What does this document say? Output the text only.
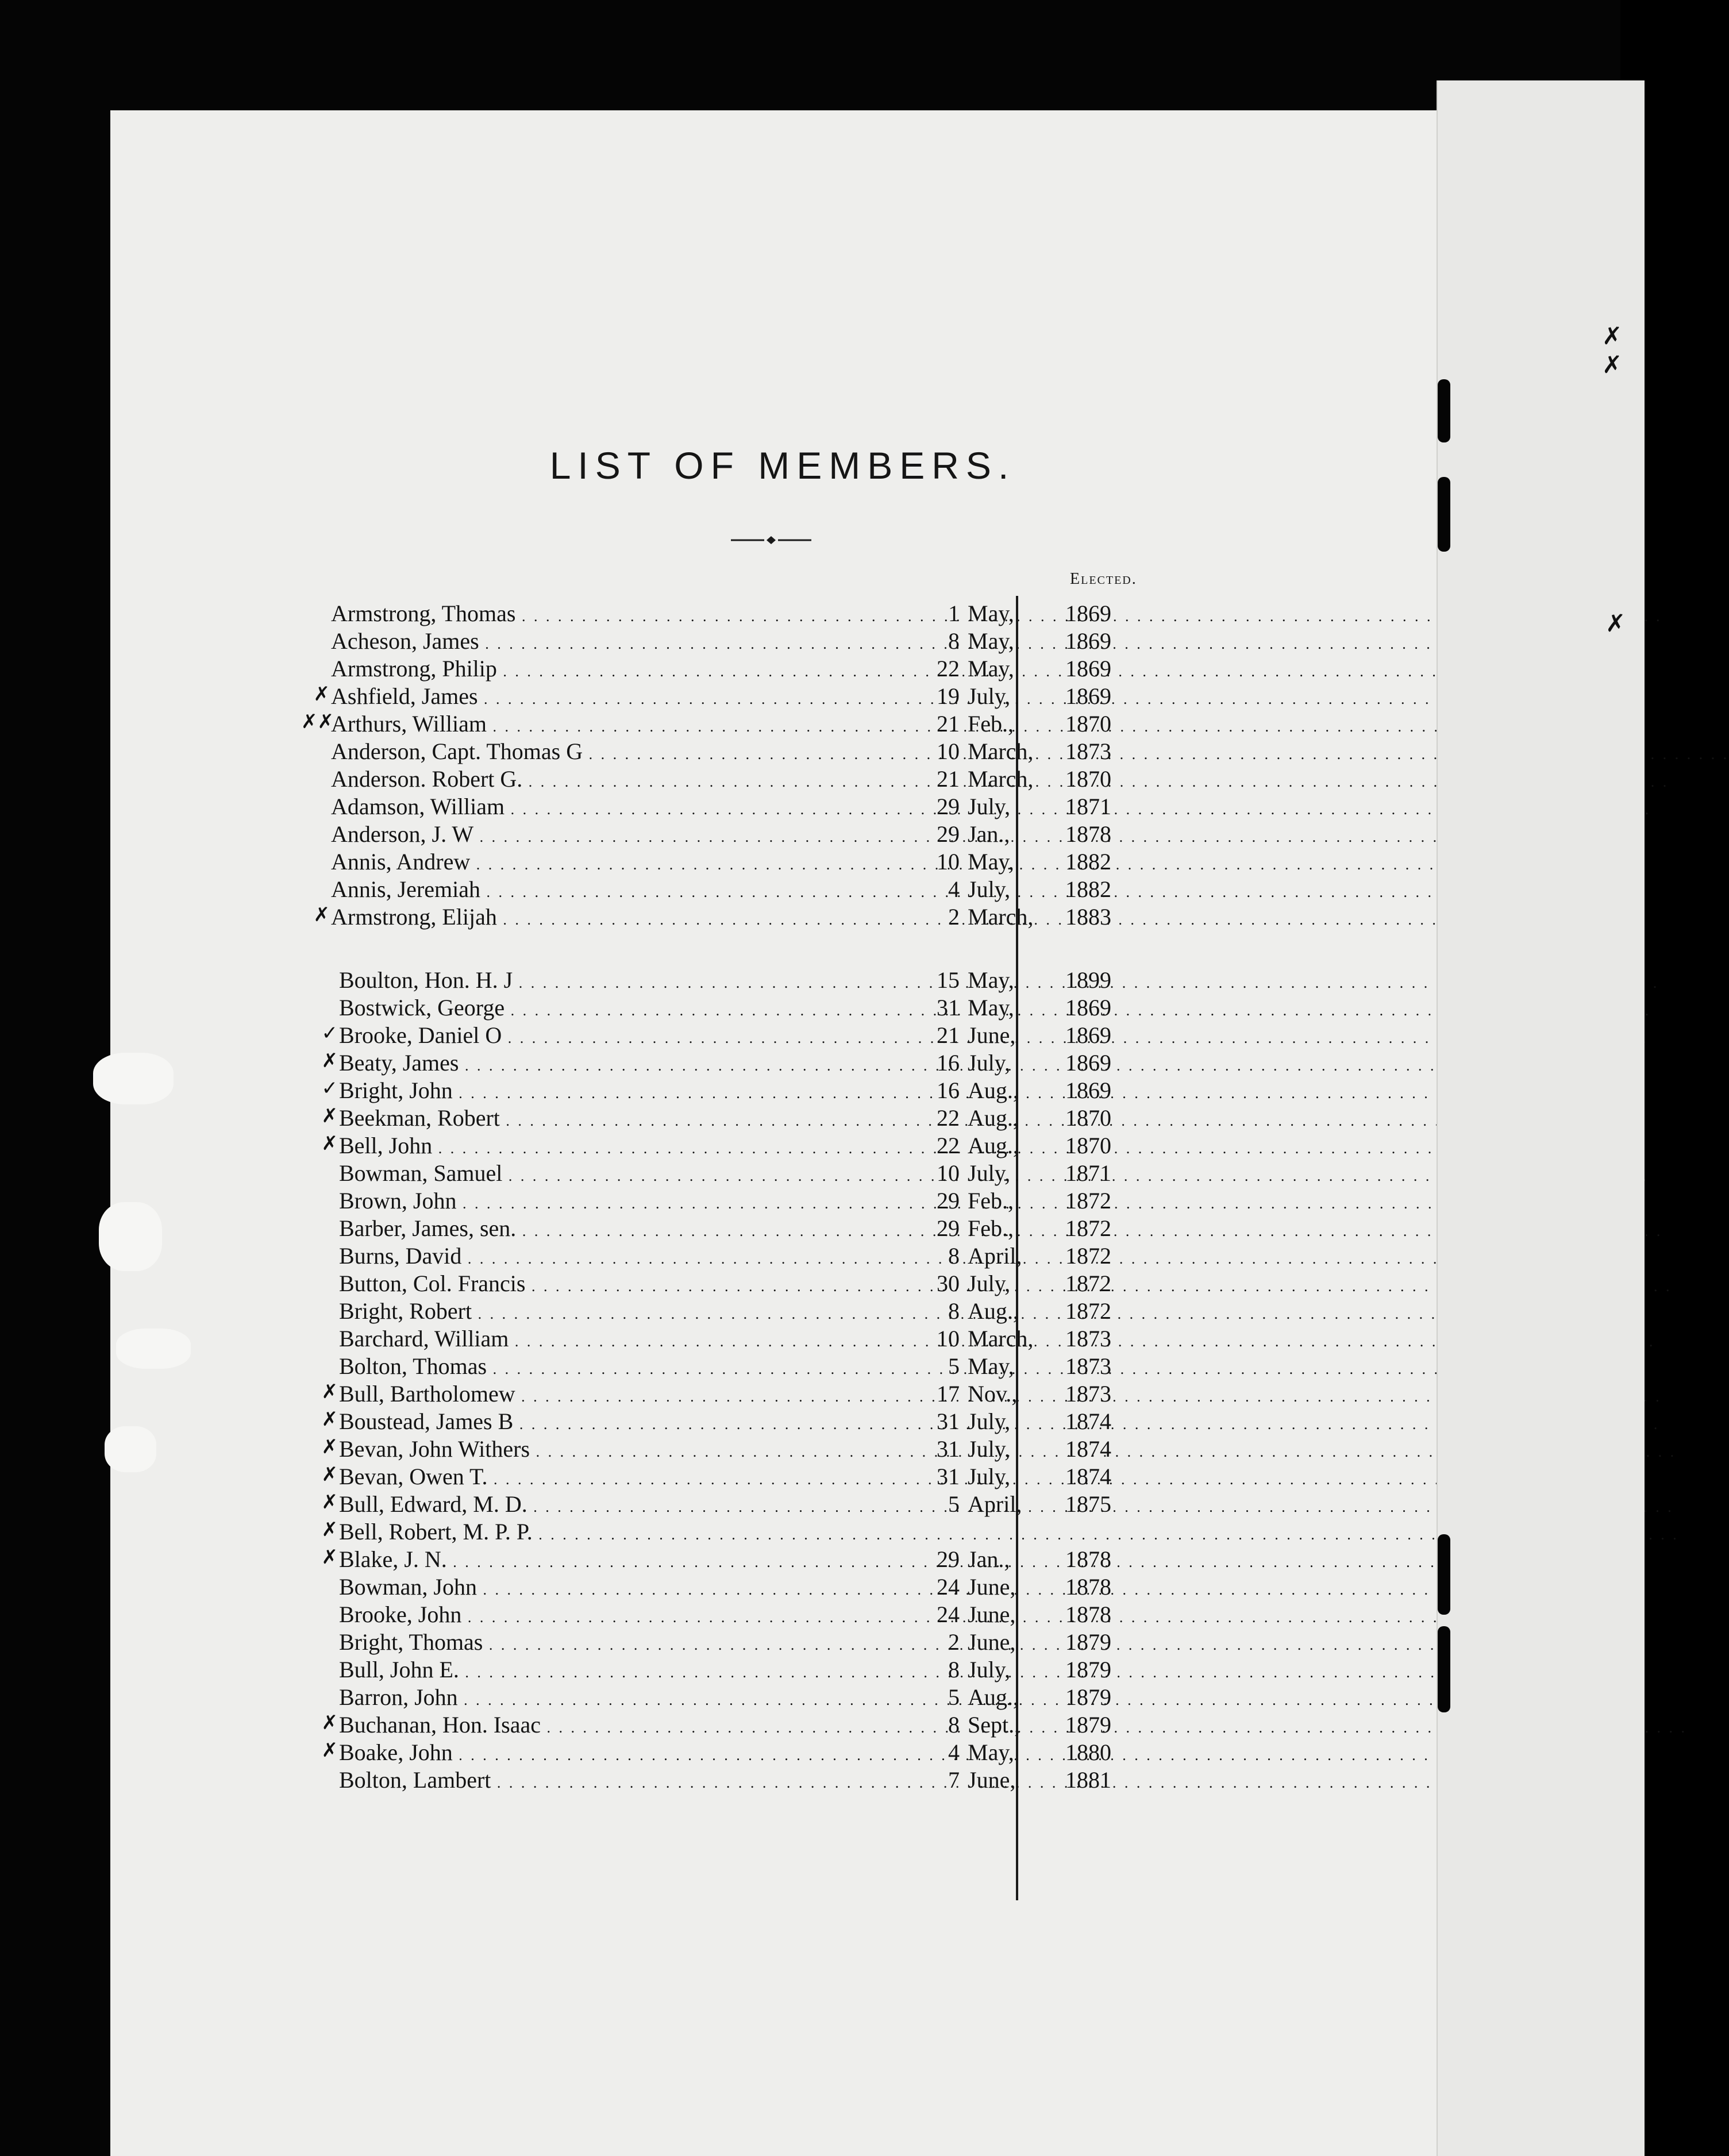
LIST OF MEMBERS.
Elected.
Armstrong, Thomas . . .	1 May, 1869
Acheson, James . . .	8 May, 1869
Armstrong, Philip . . .	22 May, 1869
✗ Ashfield, James . . .	19 July, 1869
✗✗
Arthurs, William . . .	21 Feb., 1870
Anderson, Capt. Thomas G . . .	10 March, 1873
Anderson. Robert G. . . .	21 March, 1870
Adamson, William . . .	29 July, 1871
Anderson, J. W . . .	29 Jan., 1878
Annis, Andrew . . .	10 May, 1882
Annis, Jeremiah . . .	4 July, 1882
✗ Armstrong, Elijah . . .	2 March, 1883
Boulton, Hon. H. J . . .	15 May, 1899
Bostwick, George . . .	31 May, 1869
✓ Brooke, Daniel O . . .	21 June, 1869
✗ Beaty, James . . .	16 July, 1869
✓ Bright, John . . .	16 Aug., 1869
✗ Beekman, Robert . . .	22 Aug., 1870
✗ Bell, John . . .	22 Aug., 1870
Bowman, Samuel . . .	10 July, 1871
Brown, John . . .	29 Feb., 1872
Barber, James, sen. . . .	29 Feb., 1872
Burns, David . . .	8 April, 1872
Button, Col. Francis . . .	30 July, 1872
Bright, Robert . . .	8 Aug., 1872
Barchard, William . . .	10 March, 1873
Bolton, Thomas . . .	5 May, 1873
✗ Bull, Bartholomew . . .	17 Nov., 1873
✗ Boustead, James B . . .	31 July, 1874
✗ Bevan, John Withers . . .	31 July, 1874
✗ Bevan, Owen T. . . .	31 July, 1874
✗ Bull, Edward, M. D. . . .	5 April, 1875
✗ Bell, Robert, M. P. P. . . .
✗ Blake, J. N. . . .	29 Jan., 1878
Bowman, John . . .	24 June, 1878
Brooke, John . . .	24 June, 1878
Bright, Thomas . . .	2 June, 1879
Bull, John E. . . .	8 July, 1879
Barron, John . . .	5 Aug., 1879
✗ Buchanan, Hon. Isaac . . .	8 Sept., 1879
✗ Boake, John . . .	4 May, 1880
Bolton, Lambert . . .	7 June, 1881
✗
✗
✗
